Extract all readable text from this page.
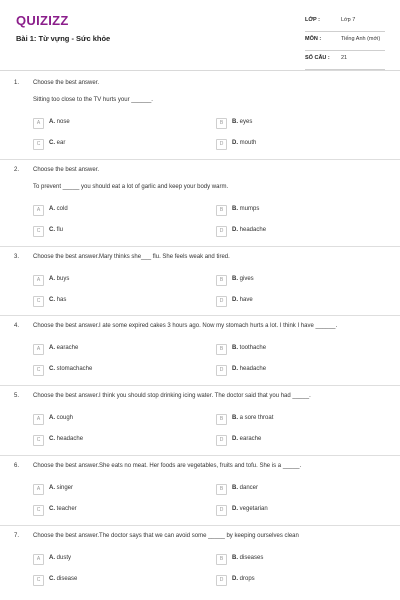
QUIZIZZ
Bài 1: Từ vựng - Sức khỏe
LỚP :	Lớp 7
MÔN :	Tiếng Anh (mới)
SỐ CÂU : 21
1. Choose the best answer.
Sitting too close to the TV hurts your ______.
A	A. nose	B	B. eyes
C	C. ear	D	D. mouth
2. Choose the best answer.
To prevent _____ you should eat a lot of garlic and keep your body warm.
A	A. cold	B	B. mumps
C	C. flu	D	D. headache
3. Choose the best answer.Mary thinks she___ flu. She feels weak and tired.
A	A. buys	B	B. gives
C	C. has	D	D. have
4. Choose the best answer.I ate some expired cakes 3 hours ago. Now my stomach hurts a lot. I think I have ______.
A	A. earache	B	B. toothache
C	C. stomachache	D	D. headache
5. Choose the best answer.I think you should stop drinking icing water. The doctor said that you had _____.
A	A. cough	B	B. a sore throat
C	C. headache	D	D. earache
6. Choose the best answer.She eats no meat. Her foods are vegetables, fruits and tofu. She is a _____.
A	A. singer	B	B. dancer
C	C. teacher	D	D. vegetarian
7. Choose the best answer.The doctor says that we can avoid some _____ by keeping ourselves clean
A	A. dusty	B	B. diseases
C	C. disease	D	D. drops
